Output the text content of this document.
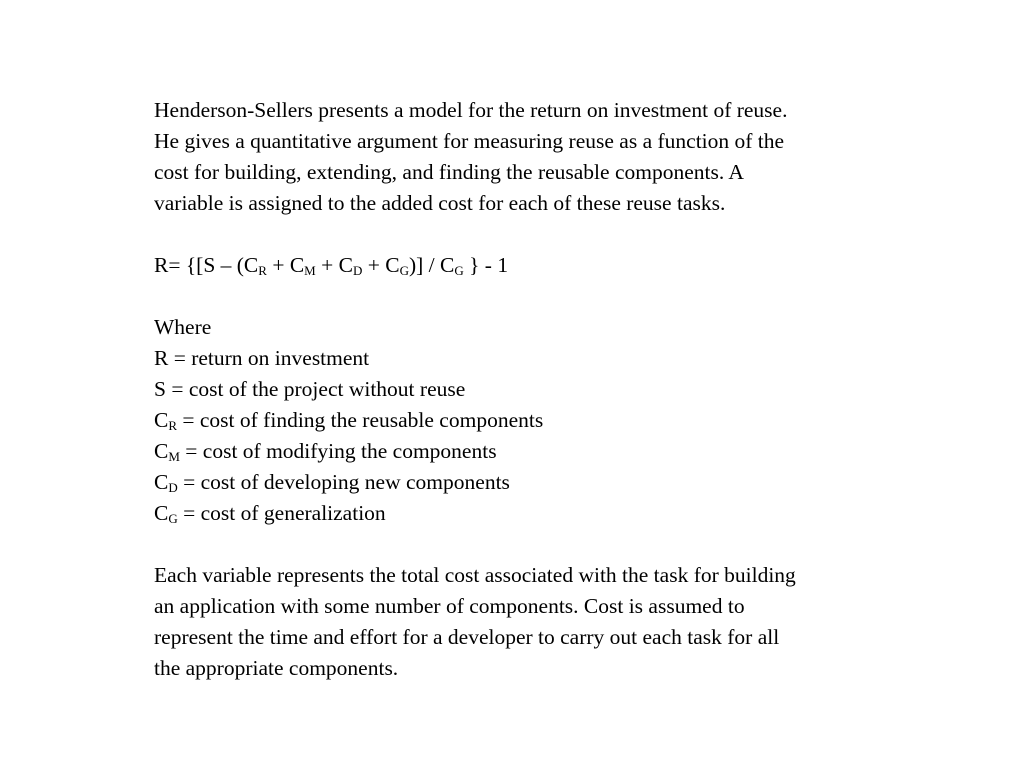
Henderson-Sellers presents a model for the return on investment of reuse.
He gives a quantitative argument for measuring reuse as a function of the
cost for building, extending, and finding the reusable components. A
variable is assigned to the added cost for each of these reuse tasks.
$R= \{[S - (C_R + C_M + C_D + C_G)] / C_G$ } - 1
Where
R = return on investment
S = cost of the project without reuse
$C_R = \cos t$ of finding the reusable components
$C_M = \cos t$ of modifying the components
$C_D = \cos t$ of developing new components
$C_G = \cos t$ of generalization
Each variable represents the total cost associated with the task for building
an application with some number of components. Cost is assumed to
represent the time and effort for a developer to carry out each task for all
the appropriate components.
